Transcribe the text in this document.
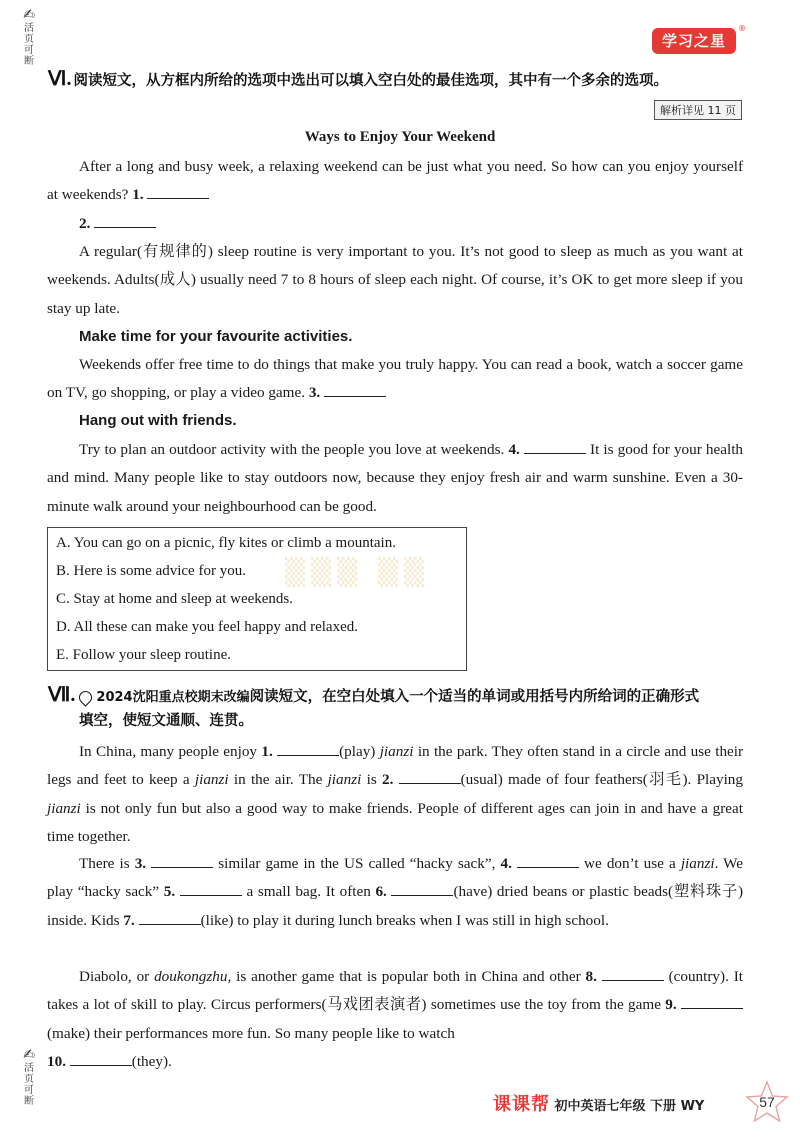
✍
活页可断
✍
活页可断
学习之星
®
Ⅵ. 阅读短文，从方框内所给的选项中选出可以填入空白处的最佳选项，其中有一个多余的选项。
解析详见 11 页
Ways to Enjoy Your Weekend
After a long and busy week, a relaxing weekend can be just what you need. So how can you enjoy yourself at weekends? 1.
2.
A regular(有规律的) sleep routine is very important to you. It’s not good to sleep as much as you want at weekends. Adults(成人) usually need 7 to 8 hours of sleep each night. Of course, it’s OK to get more sleep if you stay up late.
Make time for your favourite activities.
Weekends offer free time to do things that make you truly happy. You can read a book, watch a soccer game on TV, go shopping, or play a video game. 3.
Hang out with friends.
Try to plan an outdoor activity with the people you love at weekends. 4.	It is good for your health and mind. Many people like to stay outdoors now, because they enjoy fresh air and warm sunshine. Even a 30-minute walk around your neighbourhood can be good.
▒▒▒ ▒▒
A. You can go on a picnic, fly kites or climb a mountain.
B. Here is some advice for you.
C. Stay at home and sleep at weekends.
D. All these can make you feel happy and relaxed.
E. Follow your sleep routine.
Ⅶ. 2024沈阳重点校期末改编阅读短文，在空白处填入一个适当的单词或用括号内所给词的正确形式
填空，使短文通顺、连贯。
In China, many people enjoy 1.	(play) jianzi in the park. They often stand in a circle and use their legs and feet to keep a jianzi in the air. The jianzi is 2.	(usual) made of four feathers(羽毛). Playing jianzi is not only fun but also a good way to make friends. People of different ages can join in and have a great time together.
There is 3.	similar game in the US called “hacky sack”, 4.	we don’t use a jianzi. We play “hacky sack” 5.	a small bag. It often 6.	(have) dried beans or plastic beads(塑料珠子) inside. Kids 7.	(like) to play it during lunch breaks when I was still in high school.
Diabolo, or doukongzhu, is another game that is popular both in China and other 8.	(country). It takes a lot of skill to play. Circus performers(马戏团表演者) sometimes use the toy from the game 9. (make) their performances more fun. So many people like to watch
10.	(they).
课课帮 初中英语七年级 下册 WY	57
